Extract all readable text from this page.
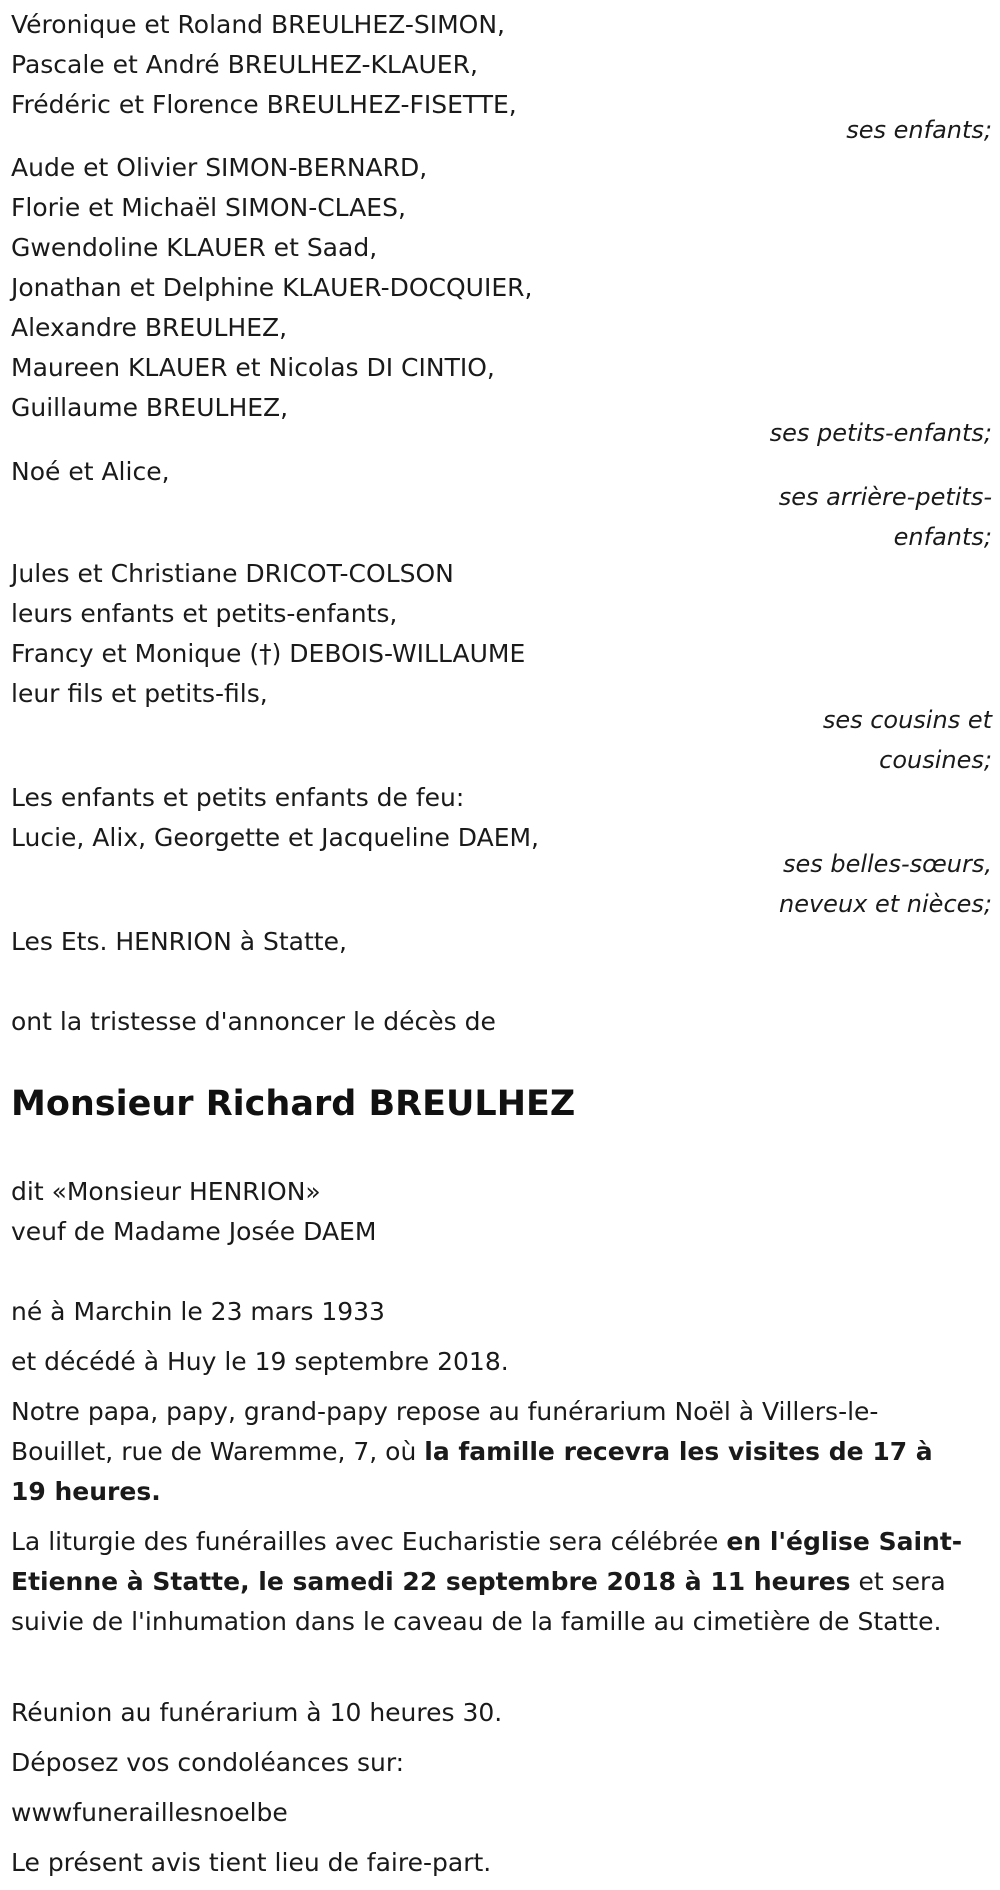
Véronique et Roland BREULHEZ-SIMON,
Pascale et André BREULHEZ-KLAUER,
Frédéric et Florence BREULHEZ-FISETTE,
ses enfants;
Aude et Olivier SIMON-BERNARD,
Florie et Michaël SIMON-CLAES,
Gwendoline KLAUER et Saad,
Jonathan et Delphine KLAUER-DOCQUIER,
Alexandre BREULHEZ,
Maureen KLAUER et Nicolas DI CINTIO,
Guillaume BREULHEZ,
ses petits-enfants;
Noé et Alice,
ses arrière-petits-
enfants;
Jules et Christiane DRICOT-COLSON
leurs enfants et petits-enfants,
Francy et Monique (†) DEBOIS-WILLAUME
leur fils et petits-fils,
ses cousins et
cousines;
Les enfants et petits enfants de feu:
Lucie, Alix, Georgette et Jacqueline DAEM,
ses belles-sœurs,
neveux et nièces;
Les Ets. HENRION à Statte,
ont la tristesse d'annoncer le décès de
Monsieur Richard BREULHEZ
dit «Monsieur HENRION»
veuf de Madame Josée DAEM
né à Marchin le 23 mars 1933
et décédé à Huy le 19 septembre 2018.
Notre papa, papy, grand-papy repose au funérarium Noël à Villers-le-Bouillet, rue de Waremme, 7, où la famille recevra les visites de 17 à 19 heures.
La liturgie des funérailles avec Eucharistie sera célébrée en l'église Saint-Etienne à Statte, le samedi 22 septembre 2018 à 11 heures et sera suivie de l'inhumation dans le caveau de la famille au cimetière de Statte.
Réunion au funérarium à 10 heures 30.
Déposez vos condoléances sur:
wwwfuneraillesnoelbe
Le présent avis tient lieu de faire-part.
